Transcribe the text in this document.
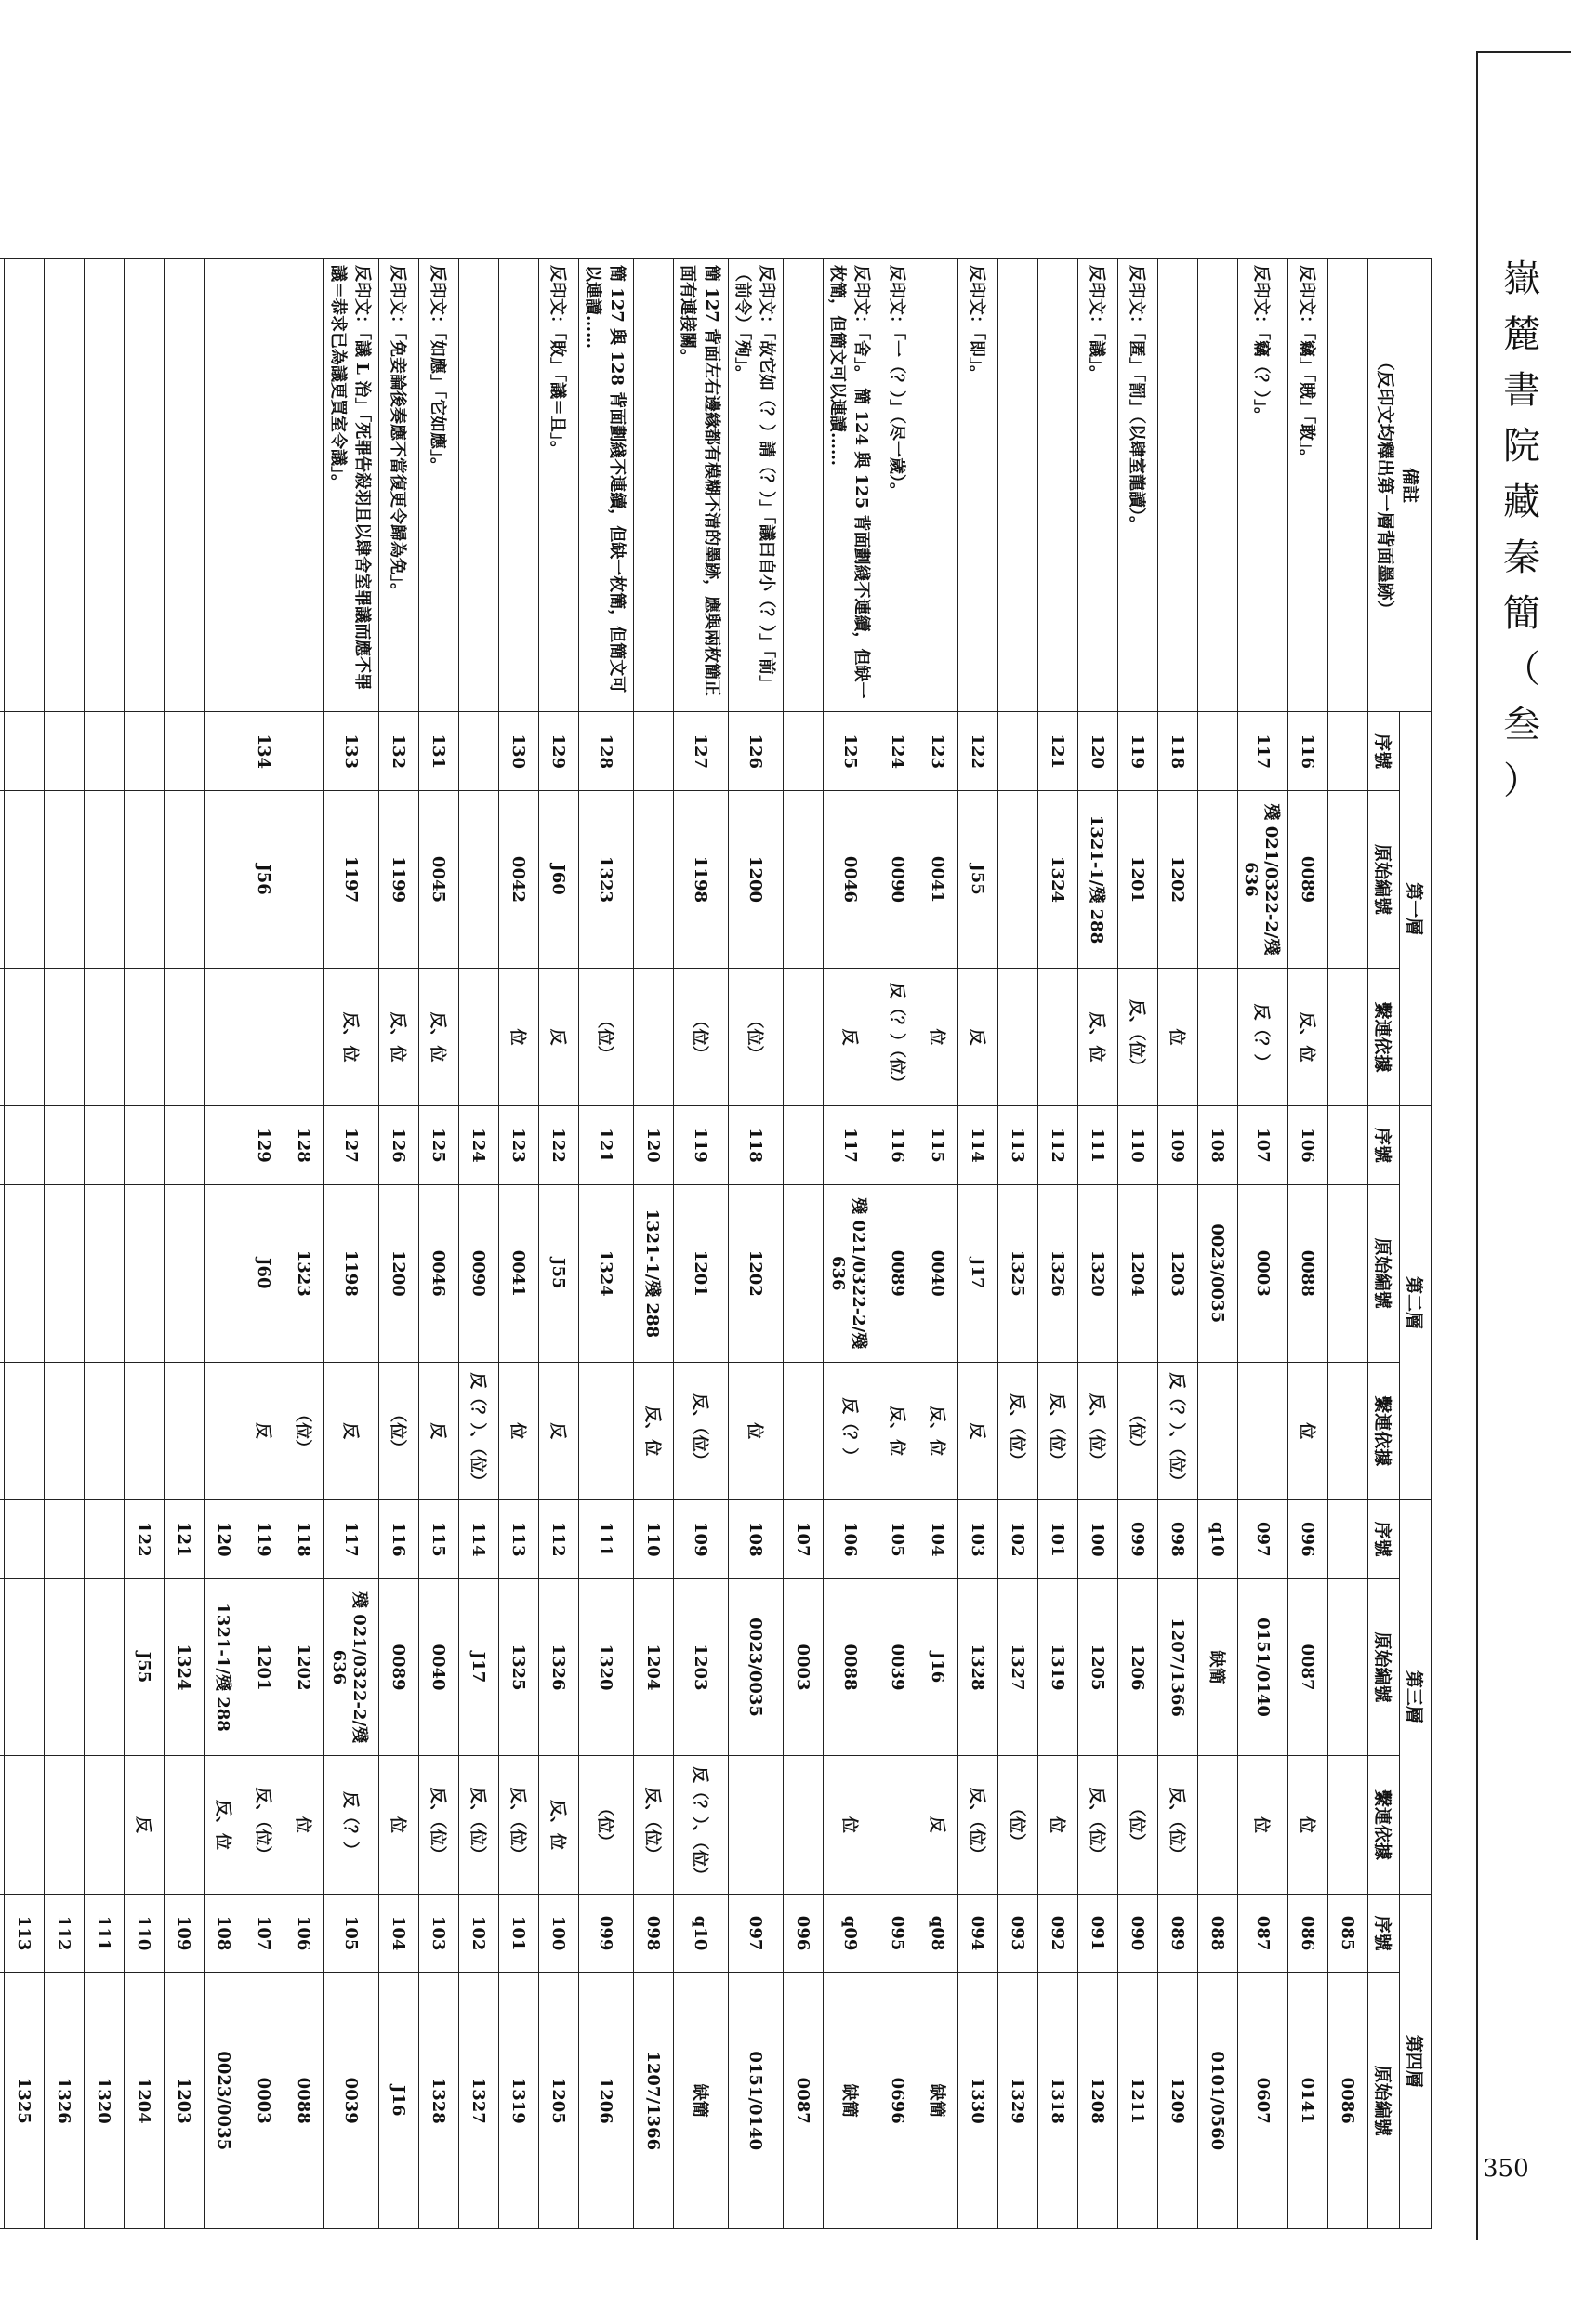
嶽
麓
書
院
藏
秦
簡
（
叁
）
350
備註
（反印文均釋出第一層背面墨跡）	第一層			第二層			第三層			第四層	
	序號	原始編號	繫連依據	序號	原始編號	繫連依據	序號	原始編號	繫連依據	序號	原始編號
										085	0086
反印文：「竊」「賊」「敢」。	116	0089	反、位	106	0088	位	096	0087	位	086	0141
反印文：「竊（？）」。	117	殘 021/0322-2/殘 636	反（？）	107	0003		097	0151/0140	位	087	0607
				108	0023/0035		q10	缺簡		088	0101/0560
	118	1202	位	109	1203	反（？）、（位）	098	1207/1366	反、（位）	089	1209
反印文：「匿」「罰」（以肆室龍讀）。	119	1201	反、（位）	110	1204	（位）	099	1206	（位）	090	1211
反印文：「議」。	120	1321-1/殘 288	反、位	111	1320	反、（位）	100	1205	反、（位）	091	1208
	121	1324		112	1326	反、（位）	101	1319	位	092	1318
				113	1325	反、（位）	102	1327	（位）	093	1329
反印文：「即」。	122	J55	反	114	J17	反	103	1328	反、（位）	094	1330
	123	0041	位	115	0040	反、位	104	J16	反	q08	缺簡
反印文：「一（？）」（尽一歲）。	124	0090	反（？）（位）	116	0089	反、位	105	0039		095	0696
反印文：「舍」。 簡 124 與 125 背面劃綫不連續，但缺一枚簡，但簡文可以連讀……	125	0046	反	117	殘 021/0322-2/殘 636	反（？）	106	0088	位	q09	缺簡
							107	0003		096	0087
反印文：「故它如（？）請（？）」「議曰自小（？）」「前」（前令）「殉」。	126	1200	（位）	118	1202	位	108	0023/0035		097	0151/0140
簡 127 背面左右邊緣都有模糊不清的墨跡，應與兩枚簡正面有連接關。	127	1198	（位）	119	1201	反、（位）	109	1203	反（？）、（位）	q10	缺簡
				120	1321-1/殘 288	反、位	110	1204	反、（位）	098	1207/1366
簡 127 與 128 背面劃綫不連續，但缺一枚簡，但簡文可以連讀……	128	1323	（位）	121	1324		111	1320	（位）	099	1206
反印文：「敗」「議＝且」。	129	J60	反	122	J55	反	112	1326	反、位	100	1205
	130	0042	位	123	0041	位	113	1325	反、（位）	101	1319
				124	0090	反（？）、（位）	114	J17	反、（位）	102	1327
反印文：「如應」「它如應」。	131	0045	反、位	125	0046	反	115	0040	反、（位）	103	1328
反印文：「免妾論後奏應不當復更令歸為免」。	132	1199	反、位	126	1200	（位）	116	0089	位	104	J16
反印文：「議 L 治」「死罪告殺羽且以肆舍室罪議而應不罪議＝恭求已為議更買室令議」。	133	1197	反、位	127	1198	反	117	殘 021/0322-2/殘 636	反（？）	105	0039
				128	1323	（位）	118	1202	位	106	0088
	134	J56		129	J60	反	119	1201	反、（位）	107	0003
							120	1321-1/殘 288	反、位	108	0023/0035
							121	1324		109	1203
							122	J55	反	110	1204
										111	1320
										112	1326
										113	1325
